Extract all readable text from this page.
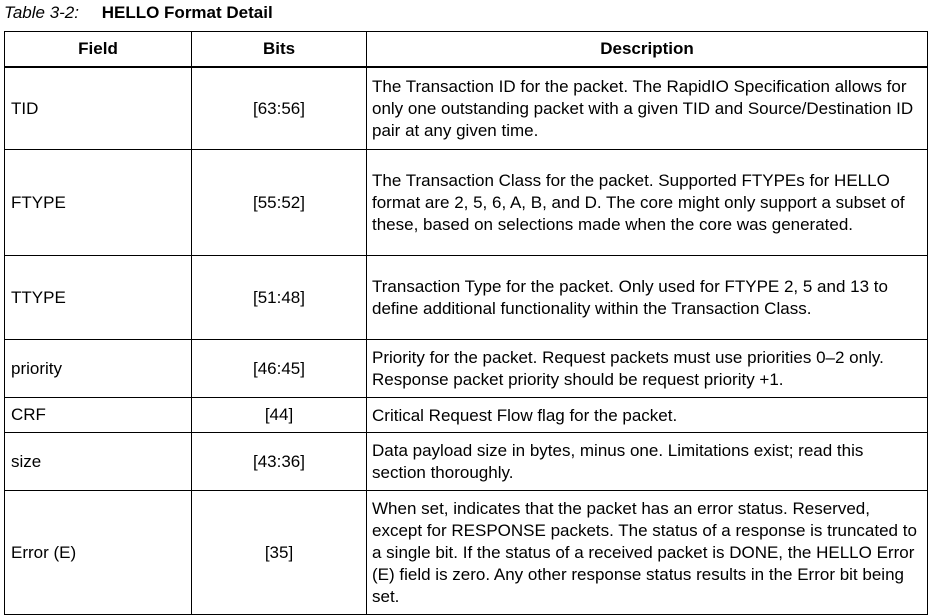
Table 3-2: HELLO Format Detail
Field	Bits	Description
TID	[63:56]	The Transaction ID for the packet. The RapidIO Specification allows for only one outstanding packet with a given TID and Source/Destination ID pair at any given time.
FTYPE	[55:52]	The Transaction Class for the packet. Supported FTYPEs for HELLO format are 2, 5, 6, A, B, and D. The core might only support a subset of these, based on selections made when the core was generated.
TTYPE	[51:48]	Transaction Type for the packet. Only used for FTYPE 2, 5 and 13 to define additional functionality within the Transaction Class.
priority	[46:45]	Priority for the packet. Request packets must use priorities 0–2 only. Response packet priority should be request priority +1.
CRF	[44]	Critical Request Flow flag for the packet.
size	[43:36]	Data payload size in bytes, minus one. Limitations exist; read this section thoroughly.
Error (E)	[35]	When set, indicates that the packet has an error status. Reserved, except for RESPONSE packets. The status of a response is truncated to a single bit. If the status of a received packet is DONE, the HELLO Error (E) field is zero. Any other response status results in the Error bit being set.
